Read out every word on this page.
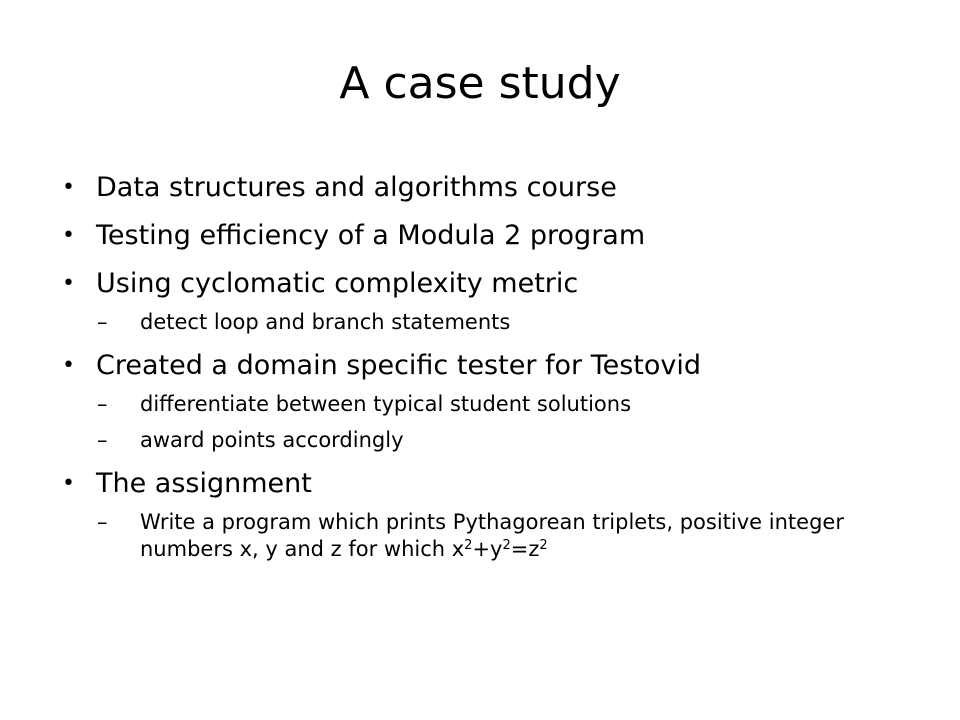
A case study
• Data structures and algorithms course
• Testing efficiency of a Modula 2 program
• Using cyclomatic complexity metric
–	detect loop and branch statements
• Created a domain specific tester for Testovid
–	differentiate between typical student solutions
–	award points accordingly
• The assignment
–	Write a program which prints Pythagorean triplets, positive integer numbers x, y and z for which $x^2+y^2=z^2$
